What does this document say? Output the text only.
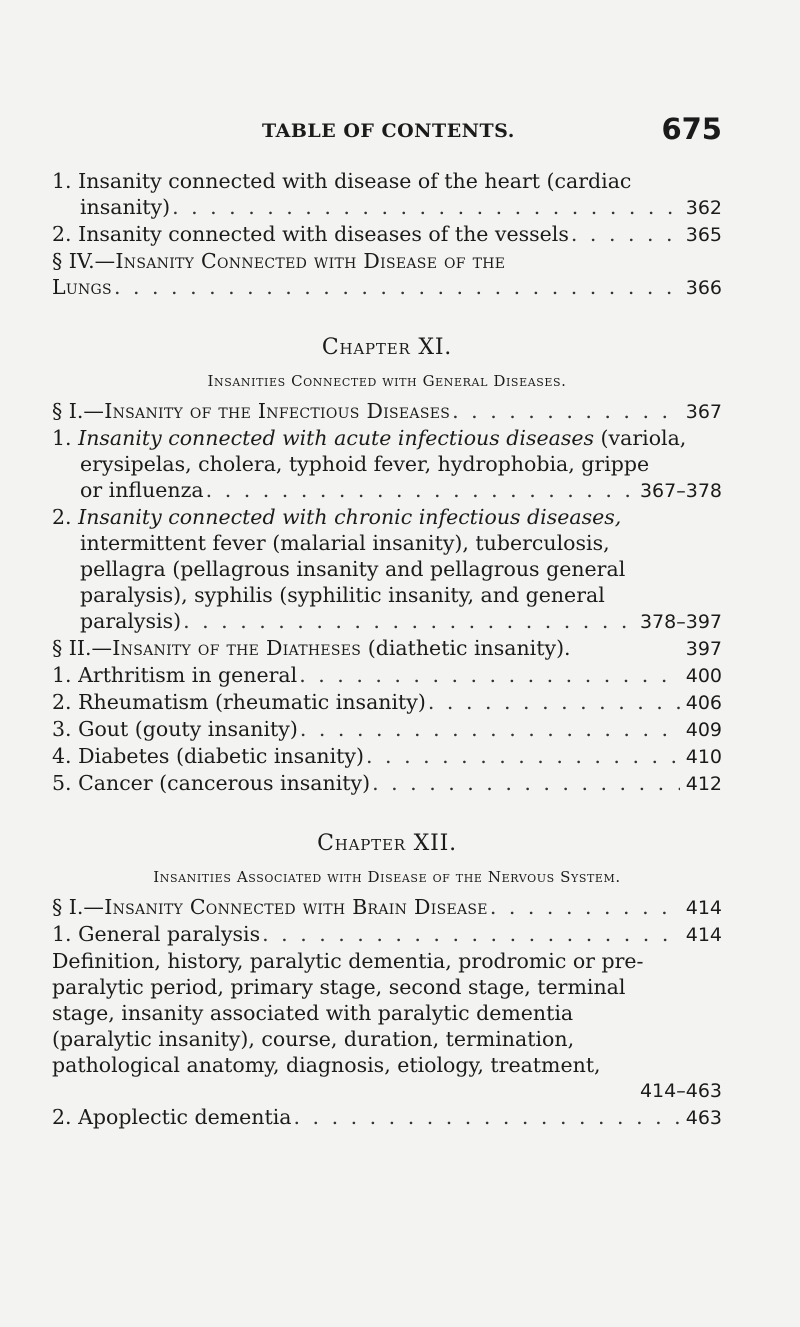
TABLE OF CONTENTS.	675
1. Insanity connected with disease of the heart (cardiac
insanity) . . .	362
2. Insanity connected with diseases of the vessels . . .	365
§ IV.—Insanity Connected with Disease of the
Lungs . . .	366
Chapter XI.
Insanities Connected with General Diseases.
§ I.—Insanity of the Infectious Diseases . . .	367
1. Insanity connected with acute infectious diseases (variola,
erysipelas, cholera, typhoid fever, hydrophobia, grippe
or influenza . . .	367–378
2. Insanity connected with chronic infectious diseases,
intermittent fever (malarial insanity), tuberculosis,
pellagra (pellagrous insanity and pellagrous general
paralysis), syphilis (syphilitic insanity, and general
paralysis) . . .	378–397
§ II.—Insanity of the Diatheses (diathetic insanity).	397
1. Arthritism in general . . .	400
2. Rheumatism (rheumatic insanity) . . .	406
3. Gout (gouty insanity) . . .	409
4. Diabetes (diabetic insanity) . . .	410
5. Cancer (cancerous insanity) . . .	412
Chapter XII.
Insanities Associated with Disease of the Nervous System.
§ I.—Insanity Connected with Brain Disease . . .	414
1. General paralysis . . .	414
Definition, history, paralytic dementia, prodromic or pre-
paralytic period, primary stage, second stage, terminal
stage, insanity associated with paralytic dementia
(paralytic insanity), course, duration, termination,
pathological anatomy, diagnosis, etiology, treatment,
414–463
2. Apoplectic dementia . . .	463
